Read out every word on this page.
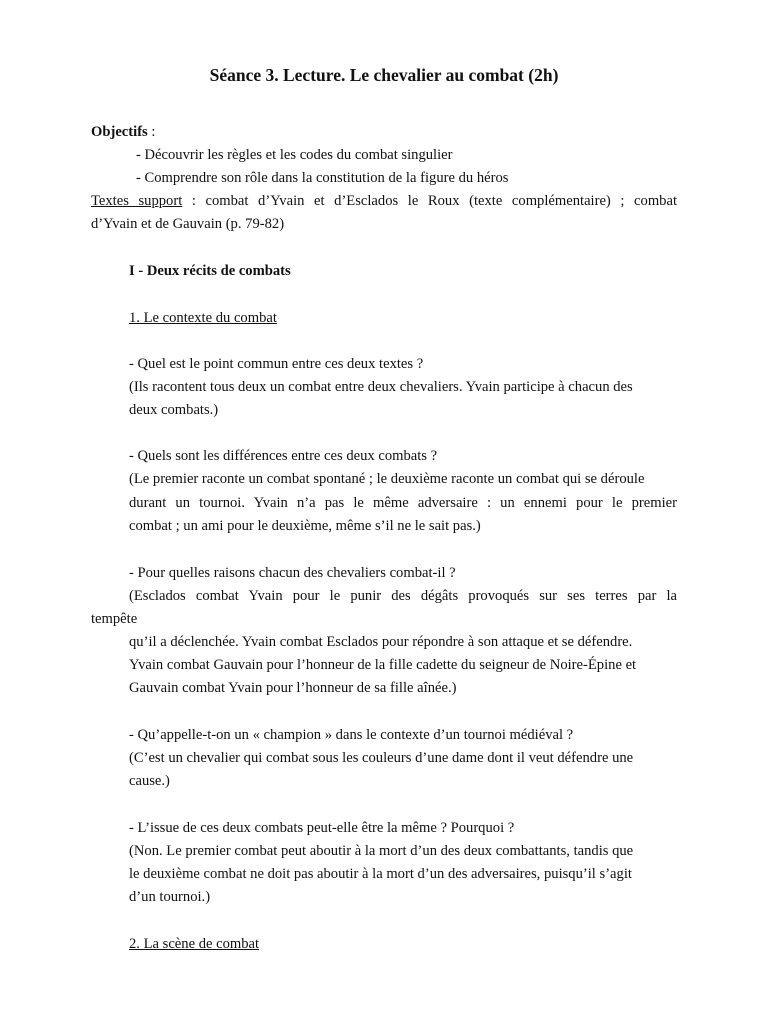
Séance 3. Lecture. Le chevalier au combat (2h)

Objectifs :

- Découvrir les règles et les codes du combat singulier

- Comprendre son rôle dans la constitution de la figure du héros

Textes support : combat d’Yvain et d’Esclados le Roux (texte complémentaire) ; combat

d’Yvain et de Gauvain (p. 79-82)

I - Deux récits de combats
1. Le contexte du combat

- Quel est le point commun entre ces deux textes ?

(Ils racontent tous deux un combat entre deux chevaliers. Yvain participe à chacun des

deux combats.)

- Quels sont les différences entre ces deux combats ?

(Le premier raconte un combat spontané ; le deuxième raconte un combat qui se déroule

durant un tournoi. Yvain n’a pas le même adversaire : un ennemi pour le premier

combat ; un ami pour le deuxième, même s’il ne le sait pas.)

- Pour quelles raisons chacun des chevaliers combat-il ?

(Esclados combat Yvain pour le punir des dégâts provoqués sur ses terres par la

tempête

qu’il a déclenchée. Yvain combat Esclados pour répondre à son attaque et se défendre.

Yvain combat Gauvain pour l’honneur de la fille cadette du seigneur de Noire-Épine et

Gauvain combat Yvain pour l’honneur de sa fille aînée.)

- Qu’appelle-t-on un « champion » dans le contexte d’un tournoi médiéval ?

(C’est un chevalier qui combat sous les couleurs d’une dame dont il veut défendre une

cause.)

- L’issue de ces deux combats peut-elle être la même ? Pourquoi ?

(Non. Le premier combat peut aboutir à la mort d’un des deux combattants, tandis que

le deuxième combat ne doit pas aboutir à la mort d’un des adversaires, puisqu’il s’agit

d’un tournoi.)

2. La scène de combat
